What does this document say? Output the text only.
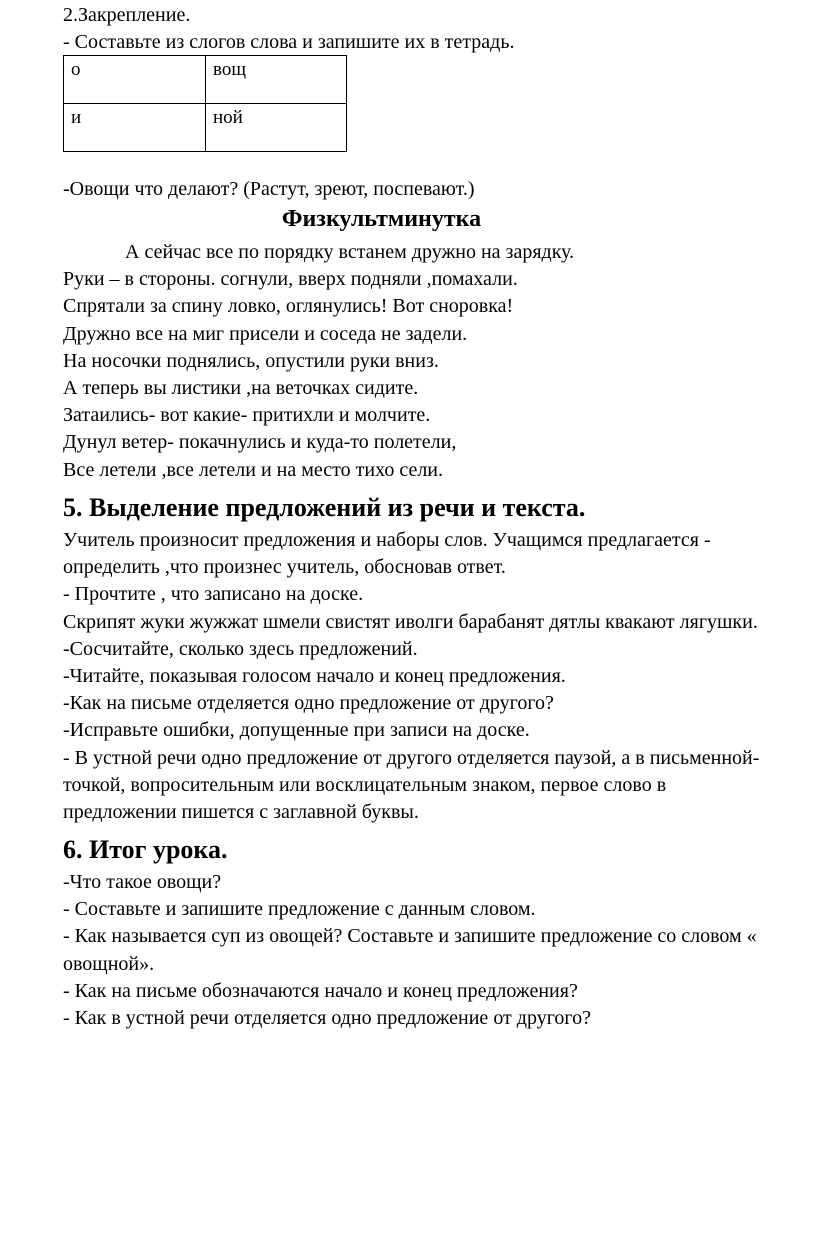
2.Закрепление.
- Составьте из слогов слова и запишите их в тетрадь.
о	вощ
и	ной
-Овощи что делают? (Растут, зреют, поспевают.)
Физкультминутка
А сейчас все по порядку встанем дружно на зарядку.
Руки – в стороны. согнули, вверх подняли ,помахали.
Спрятали за спину ловко, оглянулись! Вот сноровка!
Дружно все на миг присели и соседа не задели.
На носочки поднялись, опустили руки вниз.
А теперь вы листики ,на веточках сидите.
Затаились- вот какие- притихли и молчите.
Дунул ветер- покачнулись и куда-то полетели,
Все летели ,все летели и на место тихо сели.
5. Выделение предложений из речи и текста.
Учитель произносит предложения и наборы слов. Учащимся предлагается -
определить ,что произнес учитель, обосновав ответ.
- Прочтите , что записано на доске.
Скрипят жуки жужжат шмели свистят иволги барабанят дятлы квакают лягушки.
-Сосчитайте, сколько здесь предложений.
-Читайте, показывая голосом начало и конец предложения.
-Как на письме отделяется одно предложение от другого?
-Исправьте ошибки, допущенные при записи на доске.
- В устной речи одно предложение от другого отделяется паузой, а в письменной-
точкой, вопросительным или восклицательным знаком, первое слово в
предложении пишется с заглавной буквы.
6. Итог урока.
-Что такое овощи?
- Составьте и запишите предложение с данным словом.
- Как называется суп из овощей? Составьте и запишите предложение со словом «
овощной».
- Как на письме обозначаются начало и конец предложения?
- Как в устной речи отделяется одно предложение от другого?
